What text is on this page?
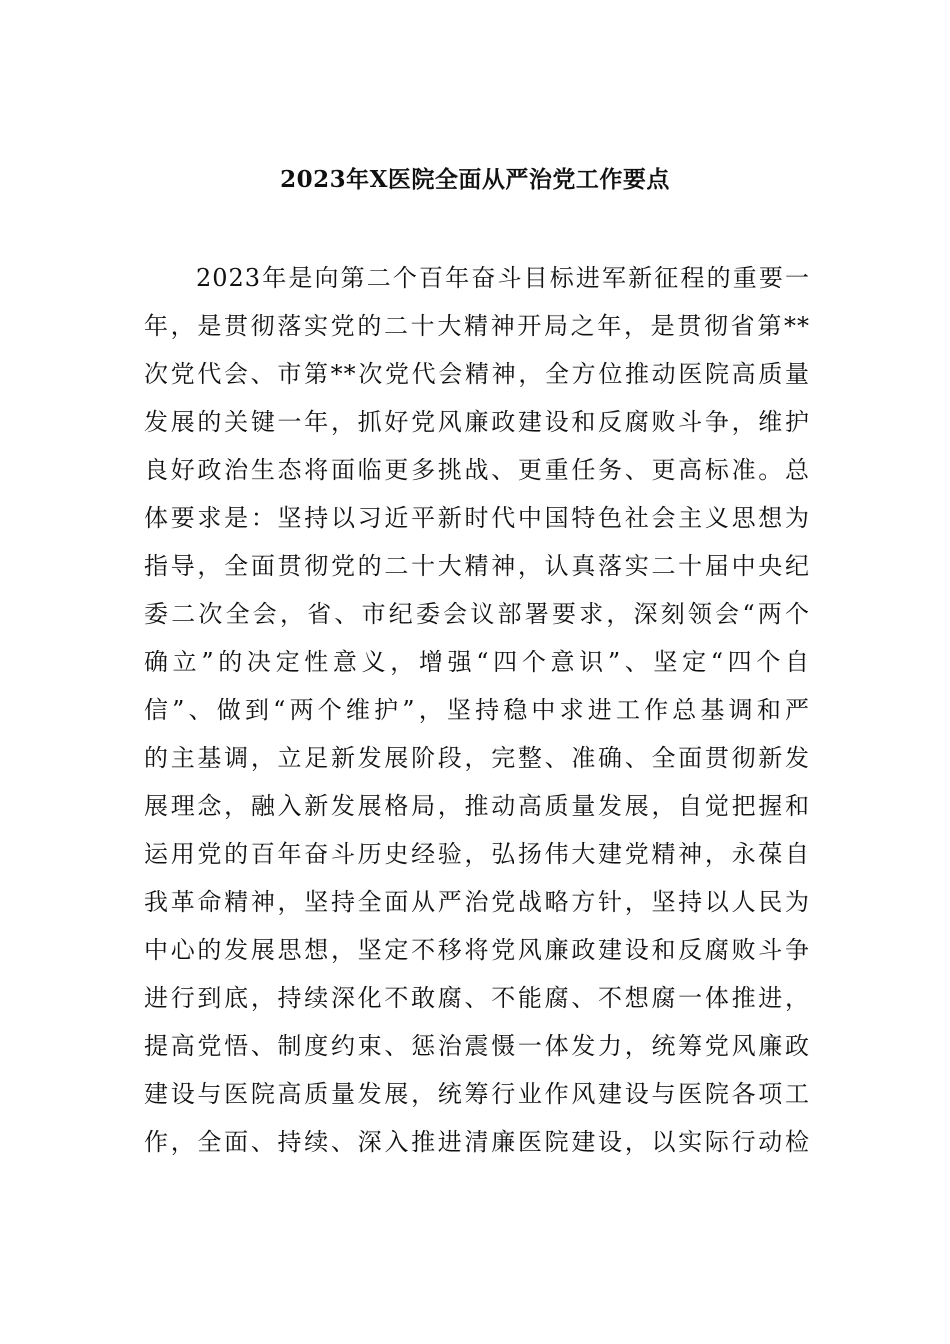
2023年X医院全面从严治党工作要点
2023年是向第二个百年奋斗目标进军新征程的重要一
年，是贯彻落实党的二十大精神开局之年，是贯彻省第**
次党代会、市第**次党代会精神，全方位推动医院高质量
发展的关键一年，抓好党风廉政建设和反腐败斗争，维护
良好政治生态将面临更多挑战、更重任务、更高标准。总
体要求是：坚持以习近平新时代中国特色社会主义思想为
指导，全面贯彻党的二十大精神，认真落实二十届中央纪
委二次全会，省、市纪委会议部署要求，深刻领会“两个
确立”的决定性意义，增强“四个意识”、坚定“四个自
信”、做到“两个维护”，坚持稳中求进工作总基调和严
的主基调，立足新发展阶段，完整、准确、全面贯彻新发
展理念，融入新发展格局，推动高质量发展，自觉把握和
运用党的百年奋斗历史经验，弘扬伟大建党精神，永葆自
我革命精神，坚持全面从严治党战略方针，坚持以人民为
中心的发展思想，坚定不移将党风廉政建设和反腐败斗争
进行到底，持续深化不敢腐、不能腐、不想腐一体推进，
提高党悟、制度约束、惩治震慑一体发力，统筹党风廉政
建设与医院高质量发展，统筹行业作风建设与医院各项工
作，全面、持续、深入推进清廉医院建设，以实际行动检
